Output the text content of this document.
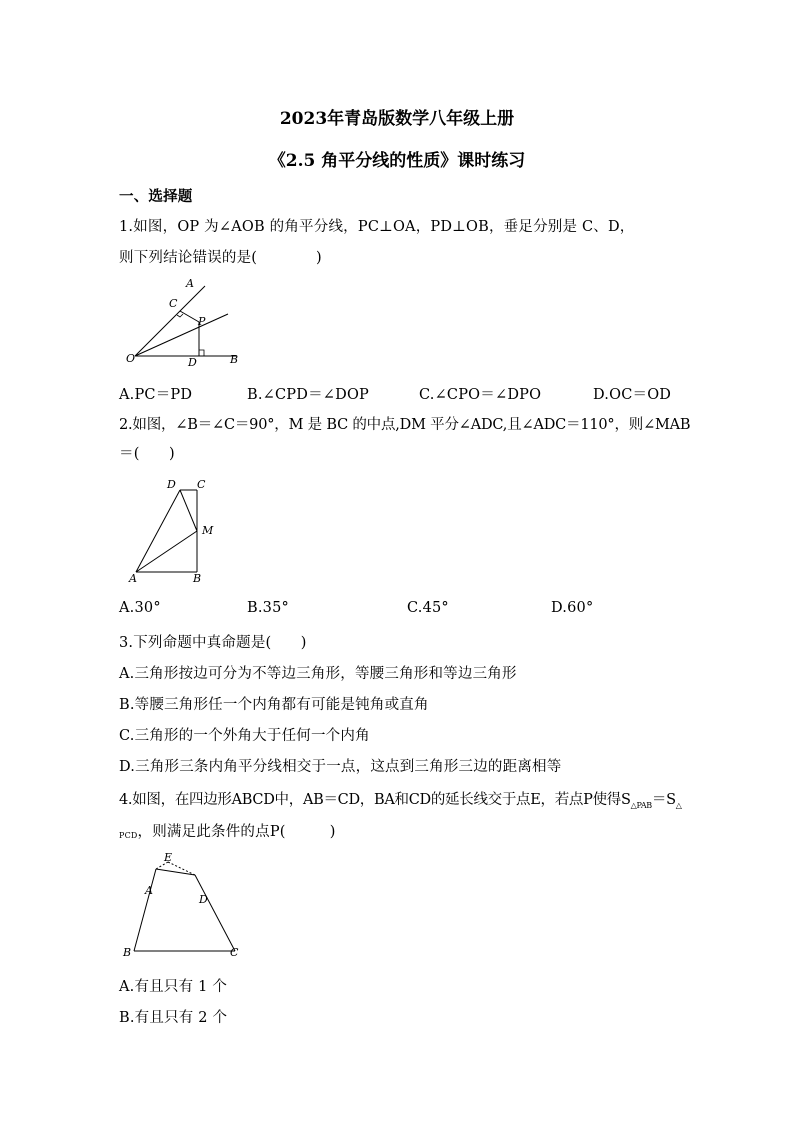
2023年青岛版数学八年级上册
《2.5 角平分线的性质》课时练习
一、选择题
1.如图，OP 为∠AOB 的角平分线，PC⊥OA，PD⊥OB，垂足分别是 C、D，
则下列结论错误的是(　　　　)
A
C
P
O	D	B
A.PC＝PD	B.∠CPD＝∠DOP	C.∠CPO＝∠DPO	D.OC＝OD
2.如图，∠B＝∠C＝90°，M 是 BC 的中点,DM 平分∠ADC,且∠ADC＝110°，则∠MAB
＝(　　)
D C
M
A	B
A.30°	B.35°	C.45°	D.60°
3.下列命题中真命题是(　　)
A.三角形按边可分为不等边三角形，等腰三角形和等边三角形
B.等腰三角形任一个内角都有可能是钝角或直角
C.三角形的一个外角大于任何一个内角
D.三角形三条内角平分线相交于一点，这点到三角形三边的距离相等
4.如图，在四边形ABCD中，AB＝CD，BA和CD的延长线交于点E，若点P使得$S_{\triangle PAB}=S_\triangle$
PCD，则满足此条件的点P(　　　)
E
A
D
B	C
A.有且只有 1 个
B.有且只有 2 个
